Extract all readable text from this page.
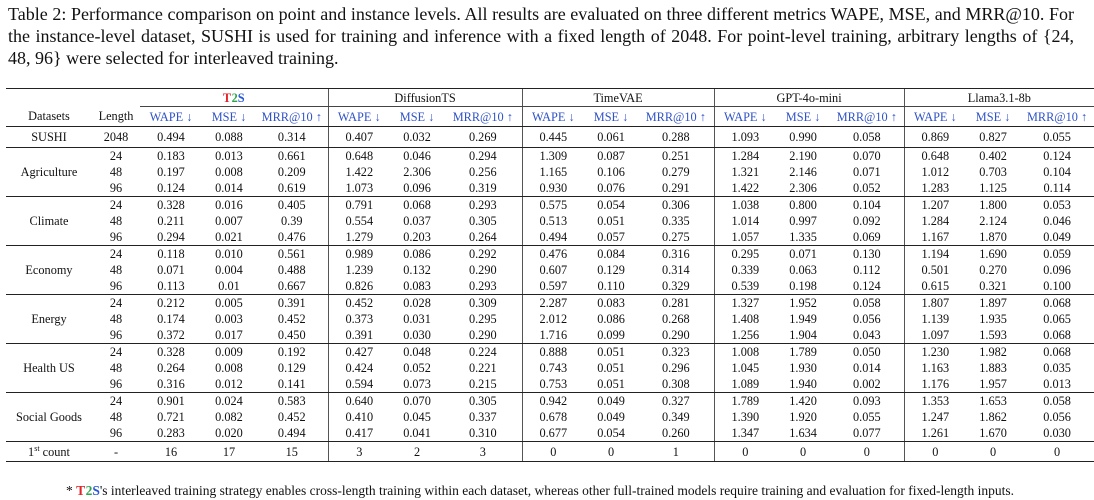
Table 2: Performance comparison on point and instance levels. All results are evaluated on three different metrics WAPE, MSE, and MRR@10. For the instance-level dataset, SUSHI is used for training and inference with a fixed length of 2048. For point-level training, arbitrary lengths of {24, 48, 96} were selected for interleaved training.
		T2S			DiffusionTS			TimeVAE			GPT-4o-mini			Llama3.1-8b		
Datasets	Length	WAPE ↓	MSE ↓	MRR@10 ↑	WAPE ↓	MSE ↓	MRR@10 ↑	WAPE ↓	MSE ↓	MRR@10 ↑	WAPE ↓	MSE ↓	MRR@10 ↑	WAPE ↓	MSE ↓	MRR@10 ↑
SUSHI	2048	0.494	0.088	0.314	0.407	0.032	0.269	0.445	0.061	0.288	1.093	0.990	0.058	0.869	0.827	0.055
Agriculture	24	0.183	0.013	0.661	0.648	0.046	0.294	1.309	0.087	0.251	1.284	2.190	0.070	0.648	0.402	0.124
	48	0.197	0.008	0.209	1.422	2.306	0.256	1.165	0.106	0.279	1.321	2.146	0.071	1.012	0.703	0.104
	96	0.124	0.014	0.619	1.073	0.096	0.319	0.930	0.076	0.291	1.422	2.306	0.052	1.283	1.125	0.114
Climate	24	0.328	0.016	0.405	0.791	0.068	0.293	0.575	0.054	0.306	1.038	0.800	0.104	1.207	1.800	0.053
	48	0.211	0.007	0.39	0.554	0.037	0.305	0.513	0.051	0.335	1.014	0.997	0.092	1.284	2.124	0.046
	96	0.294	0.021	0.476	1.279	0.203	0.264	0.494	0.057	0.275	1.057	1.335	0.069	1.167	1.870	0.049
Economy	24	0.118	0.010	0.561	0.989	0.086	0.292	0.476	0.084	0.316	0.295	0.071	0.130	1.194	1.690	0.059
	48	0.071	0.004	0.488	1.239	0.132	0.290	0.607	0.129	0.314	0.339	0.063	0.112	0.501	0.270	0.096
	96	0.113	0.01	0.667	0.826	0.083	0.293	0.597	0.110	0.329	0.539	0.198	0.124	0.615	0.321	0.100
Energy	24	0.212	0.005	0.391	0.452	0.028	0.309	2.287	0.083	0.281	1.327	1.952	0.058	1.807	1.897	0.068
	48	0.174	0.003	0.452	0.373	0.031	0.295	2.012	0.086	0.268	1.408	1.949	0.056	1.139	1.935	0.065
	96	0.372	0.017	0.450	0.391	0.030	0.290	1.716	0.099	0.290	1.256	1.904	0.043	1.097	1.593	0.068
Health US	24	0.328	0.009	0.192	0.427	0.048	0.224	0.888	0.051	0.323	1.008	1.789	0.050	1.230	1.982	0.068
	48	0.264	0.008	0.129	0.424	0.052	0.221	0.743	0.051	0.296	1.045	1.930	0.014	1.163	1.883	0.035
	96	0.316	0.012	0.141	0.594	0.073	0.215	0.753	0.051	0.308	1.089	1.940	0.002	1.176	1.957	0.013
Social Goods	24	0.901	0.024	0.583	0.640	0.070	0.305	0.942	0.049	0.327	1.789	1.420	0.093	1.353	1.653	0.058
	48	0.721	0.082	0.452	0.410	0.045	0.337	0.678	0.049	0.349	1.390	1.920	0.055	1.247	1.862	0.056
	96	0.283	0.020	0.494	0.417	0.041	0.310	0.677	0.054	0.260	1.347	1.634	0.077	1.261	1.670	0.030
1st count	-	16	17	15	3	2	3	0	0	1	0	0	0	0	0	0
* T2S's interleaved training strategy enables cross-length training within each dataset, whereas other full-trained models require training and evaluation for fixed-length inputs.
